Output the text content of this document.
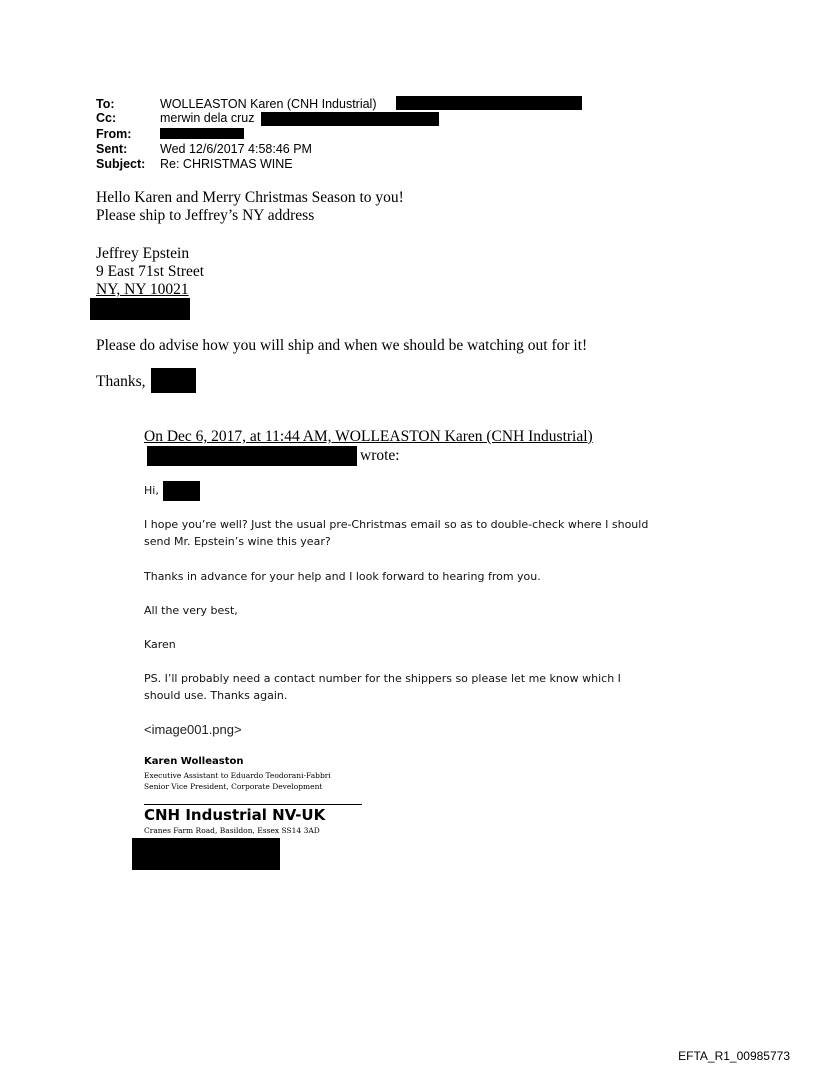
To:	WOLLEASTON Karen (CNH Industrial)
Cc:	merwin dela cruz
From:
Sent:	Wed 12/6/2017 4:58:46 PM
Subject: Re: CHRISTMAS WINE
Hello Karen and Merry Christmas Season to you!
Please ship to Jeffrey’s NY address
Jeffrey Epstein
9 East 71st Street
NY, NY 10021
Please do advise how you will ship and when we should be watching out for it!
Thanks,
On Dec 6, 2017, at 11:44 AM, WOLLEASTON Karen (CNH Industrial)
wrote:
Hi,
I hope you’re well? Just the usual pre-Christmas email so as to double-check where I should
send Mr. Epstein’s wine this year?
Thanks in advance for your help and I look forward to hearing from you.
All the very best,
Karen
PS. I’ll probably need a contact number for the shippers so please let me know which I
should use. Thanks again.
<image001.png>
Karen Wolleaston
Executive Assistant to Eduardo Teodorani-Fabbri
Senior Vice President, Corporate Development
CNH Industrial NV-UK
Cranes Farm Road, Basildon, Essex SS14 3AD
EFTA_R1_00985773
